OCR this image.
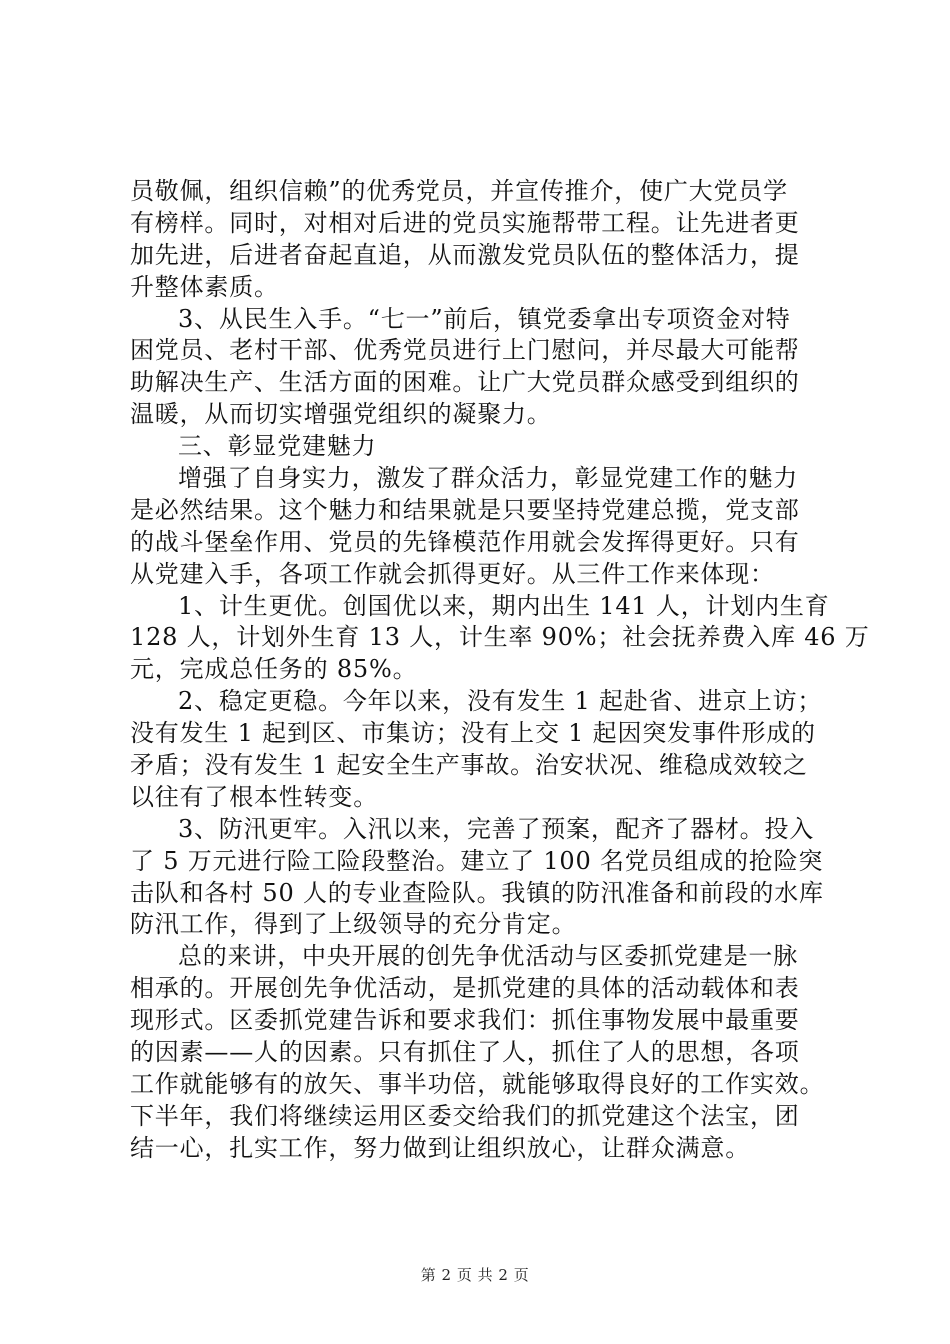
员敬佩，组织信赖”的优秀党员，并宣传推介，使广大党员学
有榜样。同时，对相对后进的党员实施帮带工程。让先进者更
加先进，后进者奋起直追，从而激发党员队伍的整体活力，提
升整体素质。
3、从民生入手。“七一”前后，镇党委拿出专项资金对特
困党员、老村干部、优秀党员进行上门慰问，并尽最大可能帮
助解决生产、生活方面的困难。让广大党员群众感受到组织的
温暖，从而切实增强党组织的凝聚力。
三、彰显党建魅力
增强了自身实力，激发了群众活力，彰显党建工作的魅力
是必然结果。这个魅力和结果就是只要坚持党建总揽，党支部
的战斗堡垒作用、党员的先锋模范作用就会发挥得更好。只有
从党建入手，各项工作就会抓得更好。从三件工作来体现：
1、计生更优。创国优以来，期内出生 141 人，计划内生育
128 人，计划外生育 13 人，计生率 90%；社会抚养费入库 46 万
元，完成总任务的 85%。
2、稳定更稳。今年以来，没有发生 1 起赴省、进京上访；
没有发生 1 起到区、市集访；没有上交 1 起因突发事件形成的
矛盾；没有发生 1 起安全生产事故。治安状况、维稳成效较之
以往有了根本性转变。
3、防汛更牢。入汛以来，完善了预案，配齐了器材。投入
了 5 万元进行险工险段整治。建立了 100 名党员组成的抢险突
击队和各村 50 人的专业查险队。我镇的防汛准备和前段的水库
防汛工作，得到了上级领导的充分肯定。
总的来讲，中央开展的创先争优活动与区委抓党建是一脉
相承的。开展创先争优活动，是抓党建的具体的活动载体和表
现形式。区委抓党建告诉和要求我们：抓住事物发展中最重要
的因素——人的因素。只有抓住了人，抓住了人的思想，各项
工作就能够有的放矢、事半功倍，就能够取得良好的工作实效。
下半年，我们将继续运用区委交给我们的抓党建这个法宝，团
结一心，扎实工作，努力做到让组织放心，让群众满意。
第 2 页 共 2 页
